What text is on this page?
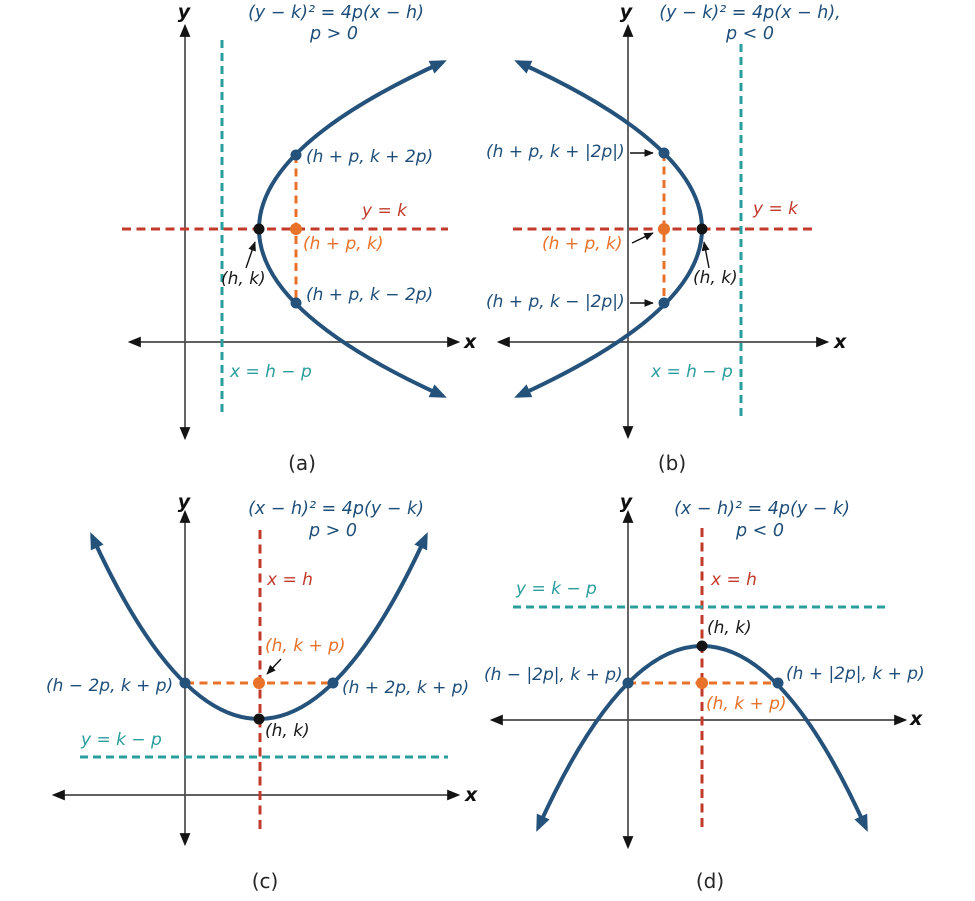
y	(y − k)² = 4p(x − h)
p > 0
(h + p, k + 2p)
y = k
(h + p, k)
(h, k)
(h + p, k − 2p)
x = h − p
x
(a)
y (y − k)² = 4p(x − h),
p < 0
(h + p, k + |2p|)
y = k
(h + p, k)
(h, k)
(h + p, k − |2p|)
x = h − p
x
(b)
y	(x − h)² = 4p(y − k)
p > 0
x = h
(h, k + p)
(h − 2p, k + p)	(h + 2p, k + p)
(h, k)
y = k − p
x
(c)
y (x − h)² = 4p(y − k)
p < 0
x = h
y = k − p
(h, k)
(h − |2p|, k + p)	(h + |2p|, k + p)
(h, k + p)
x
(d)
